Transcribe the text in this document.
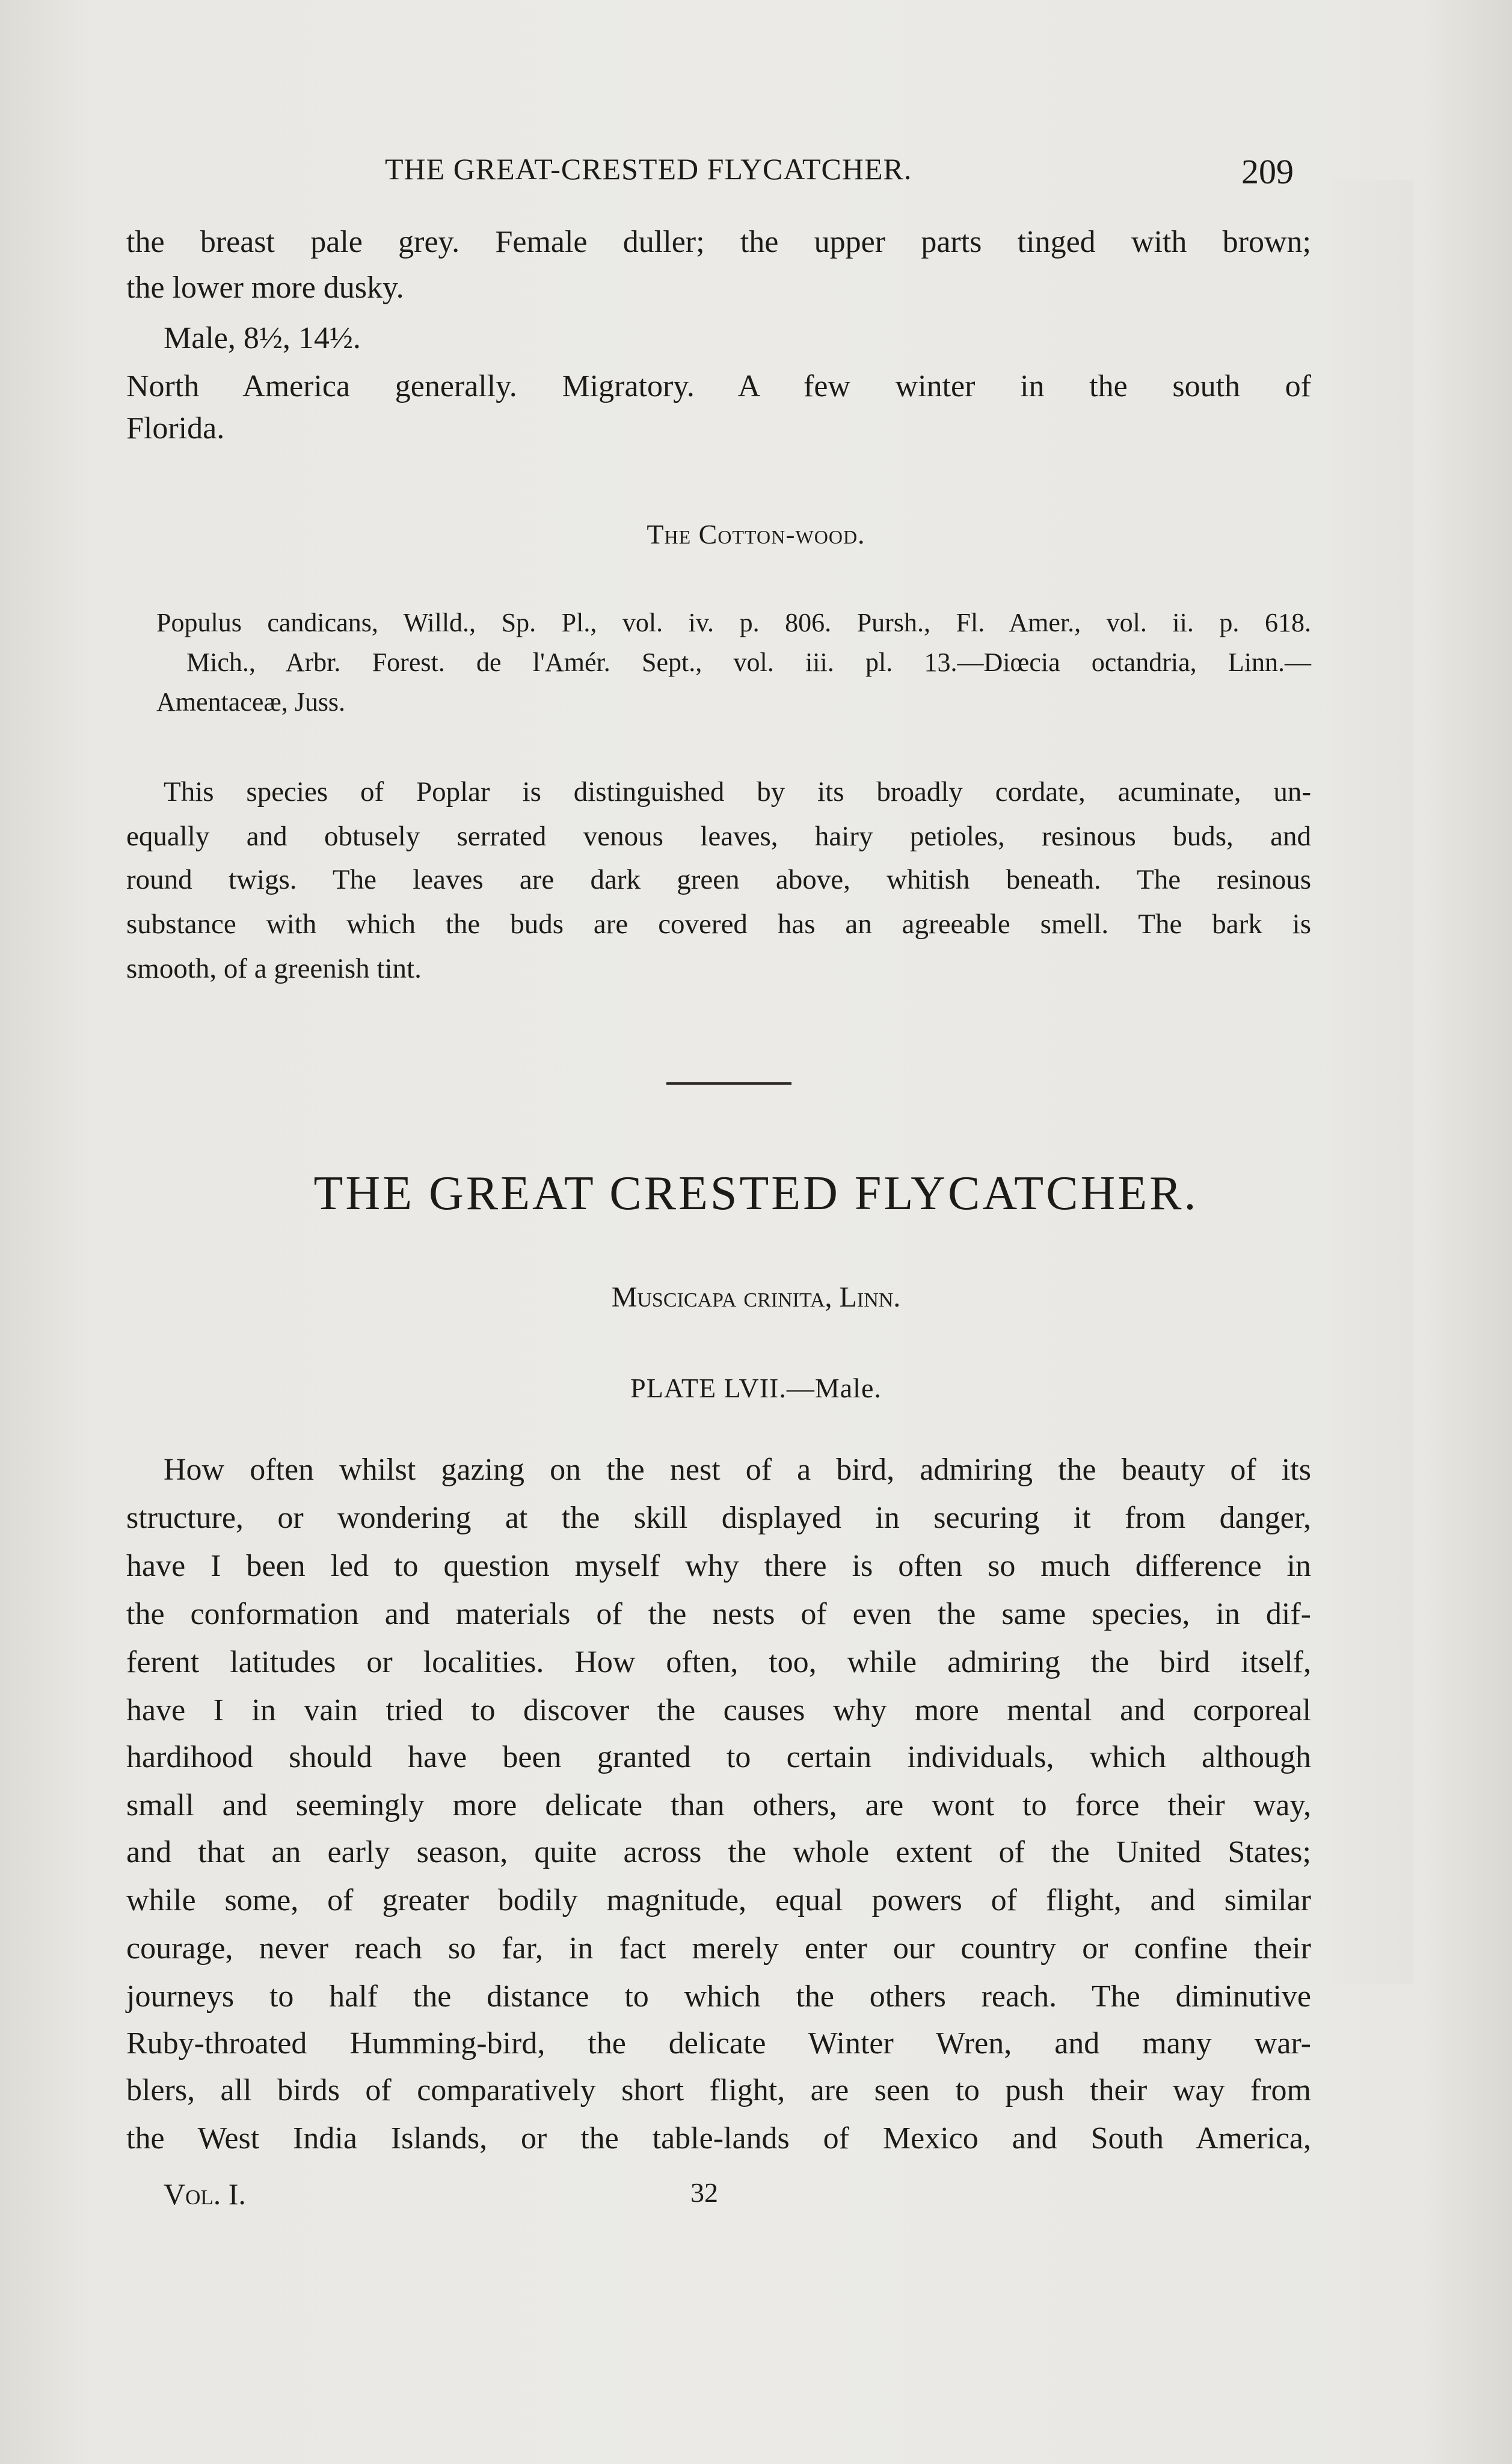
THE GREAT-CRESTED FLYCATCHER.	209
the breast pale grey. Female duller; the upper parts tinged with brown;
the lower more dusky.
Male, 8½, 14½.
North America generally. Migratory. A few winter in the south of
Florida.
The Cotton-wood.
Populus candicans, Willd., Sp. Pl., vol. iv. p. 806. Pursh., Fl. Amer., vol. ii. p. 618.
Mich., Arbr. Forest. de l'Amér. Sept., vol. iii. pl. 13.—Diœcia octandria, Linn.—
Amentaceæ, Juss.
This species of Poplar is distinguished by its broadly cordate, acuminate, un-
equally and obtusely serrated venous leaves, hairy petioles, resinous buds, and
round twigs. The leaves are dark green above, whitish beneath. The resinous
substance with which the buds are covered has an agreeable smell. The bark is
smooth, of a greenish tint.
THE GREAT CRESTED FLYCATCHER.
Muscicapa crinita, Linn.
PLATE LVII.—Male.
How often whilst gazing on the nest of a bird, admiring the beauty of its
structure, or wondering at the skill displayed in securing it from danger,
have I been led to question myself why there is often so much difference in
the conformation and materials of the nests of even the same species, in dif-
ferent latitudes or localities. How often, too, while admiring the bird itself,
have I in vain tried to discover the causes why more mental and corporeal
hardihood should have been granted to certain individuals, which although
small and seemingly more delicate than others, are wont to force their way,
and that an early season, quite across the whole extent of the United States;
while some, of greater bodily magnitude, equal powers of flight, and similar
courage, never reach so far, in fact merely enter our country or confine their
journeys to half the distance to which the others reach. The diminutive
Ruby-throated Humming-bird, the delicate Winter Wren, and many war-
blers, all birds of comparatively short flight, are seen to push their way from
the West India Islands, or the table-lands of Mexico and South America,
Vol. I.	32
